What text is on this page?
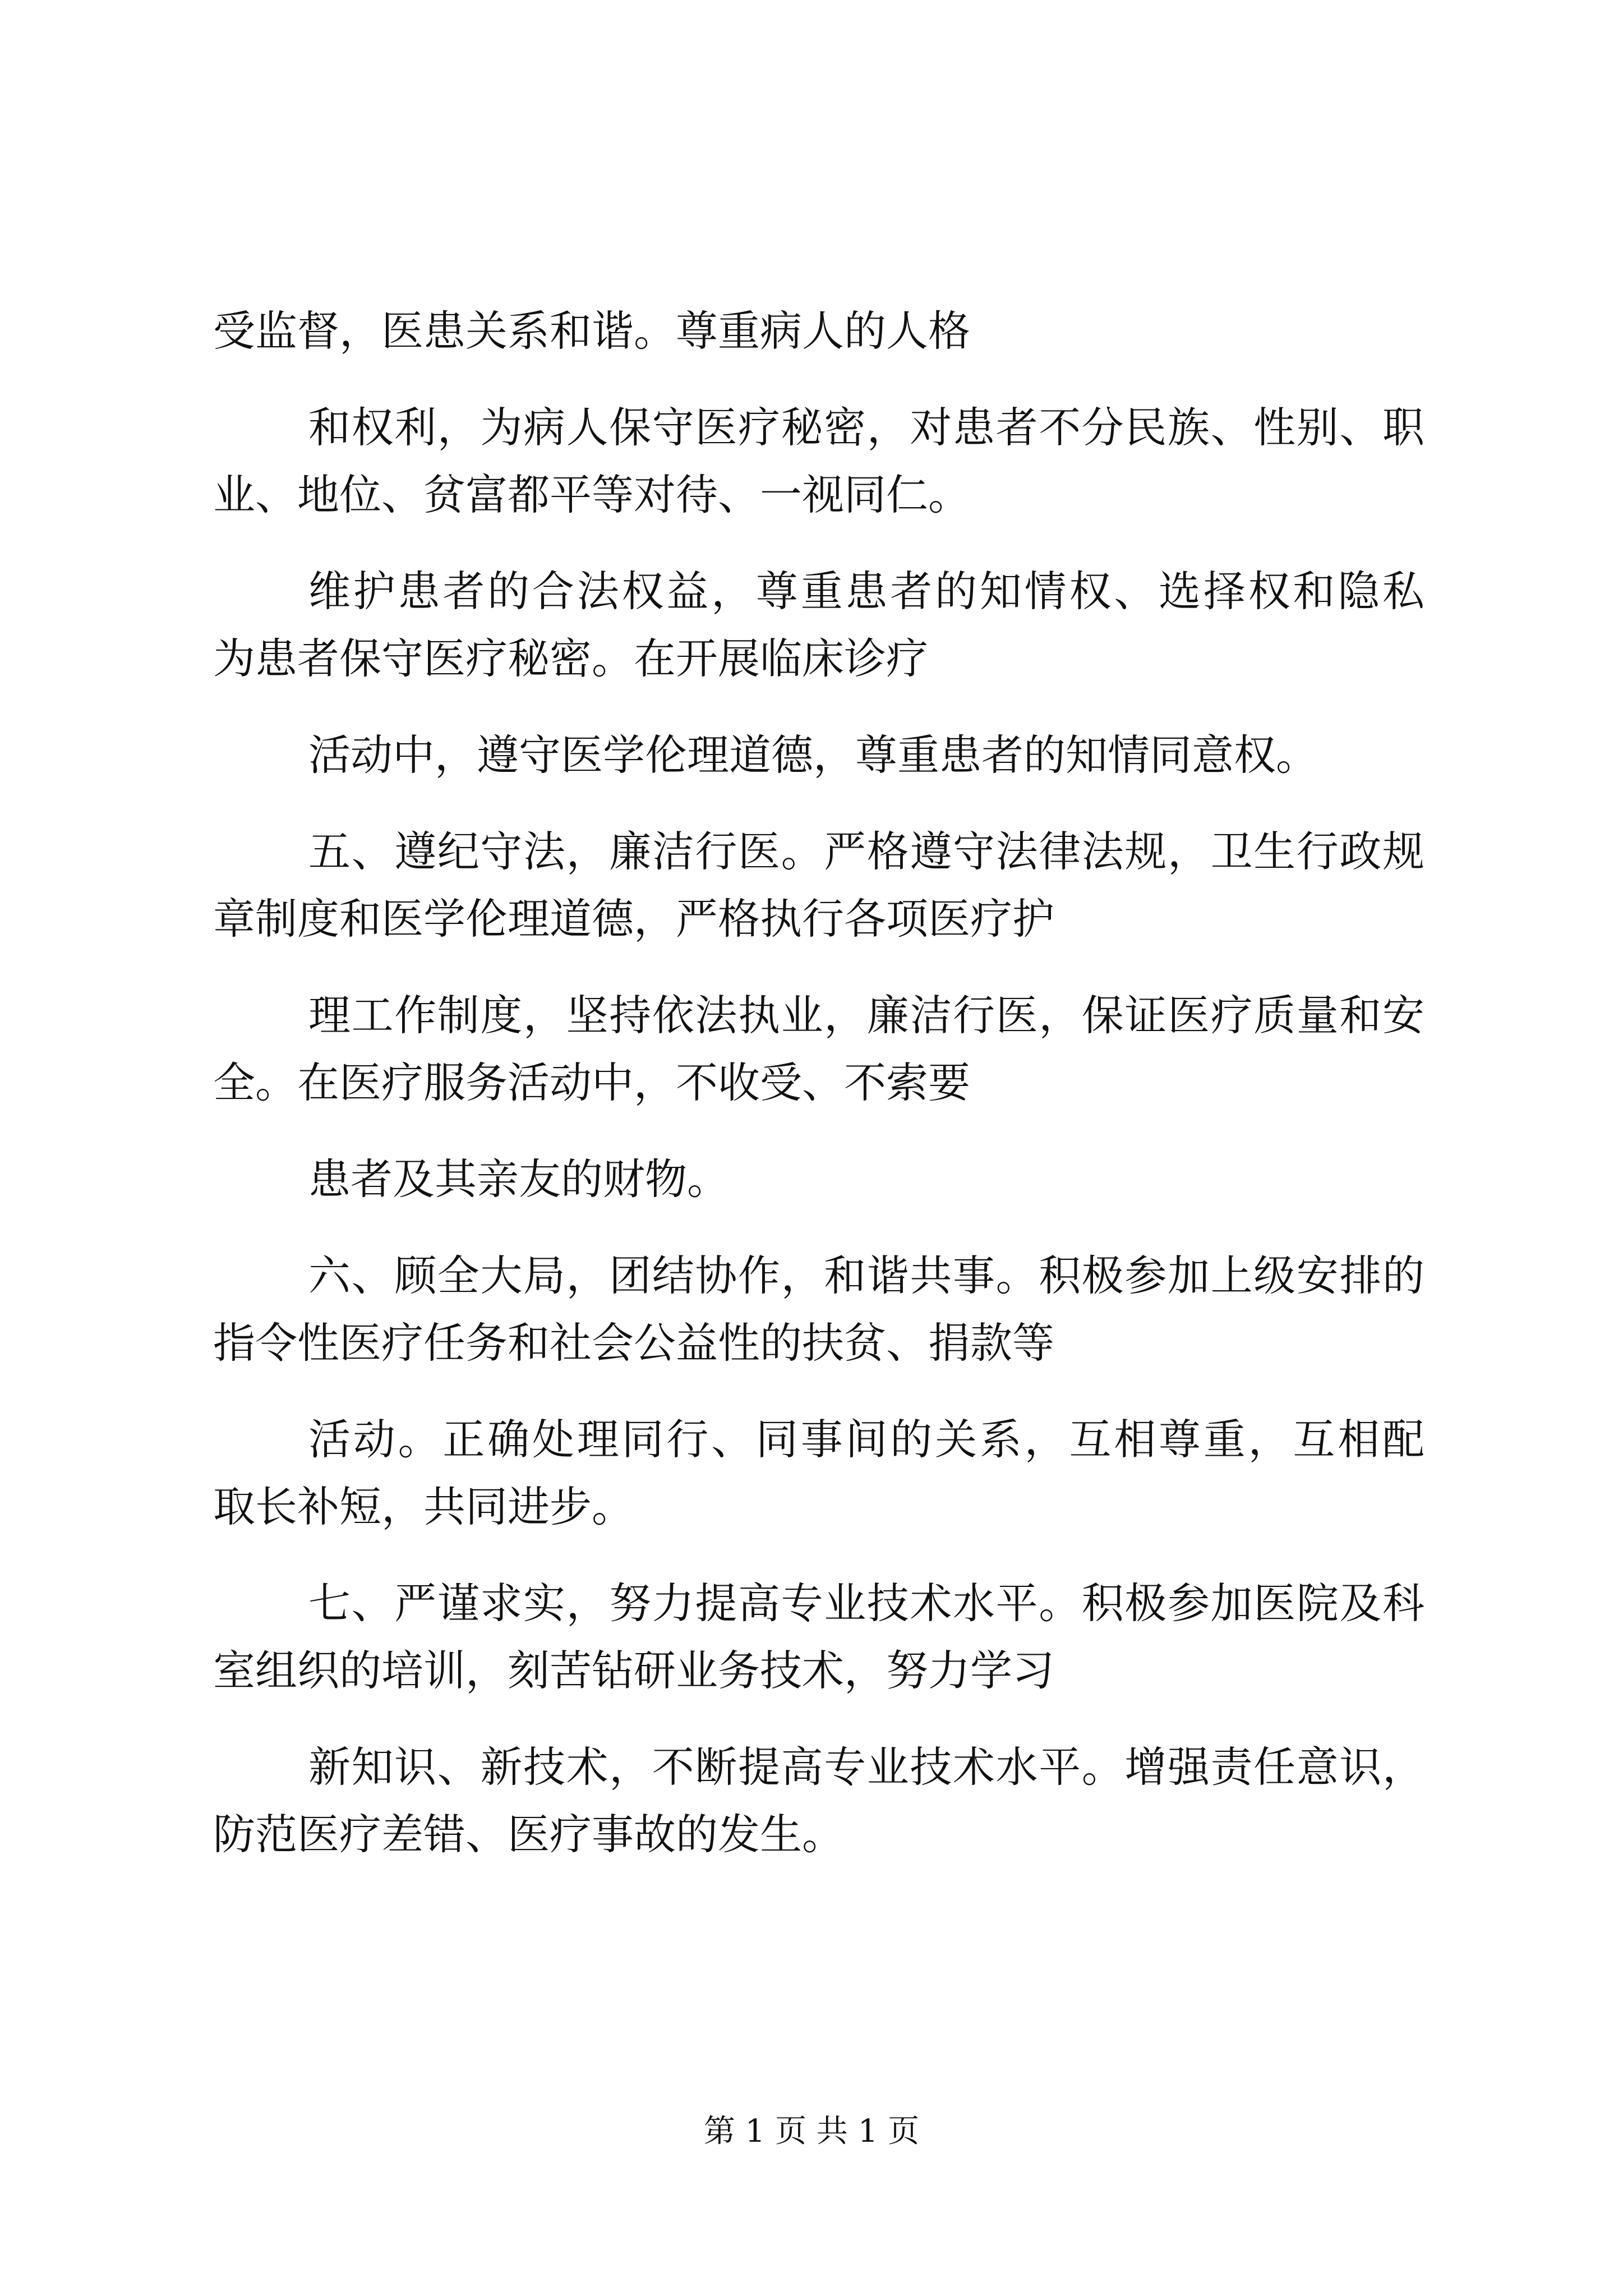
受监督，医患关系和谐。尊重病人的人格

和权利，为病人保守医疗秘密，对患者不分民族、性别、职

业、地位、贫富都平等对待、一视同仁。

维护患者的合法权益，尊重患者的知情权、选择权和隐私

为患者保守医疗秘密。在开展临床诊疗

活动中，遵守医学伦理道德，尊重患者的知情同意权。

五、遵纪守法，廉洁行医。严格遵守法律法规，卫生行政规

章制度和医学伦理道德，严格执行各项医疗护

理工作制度，坚持依法执业，廉洁行医，保证医疗质量和安

全。在医疗服务活动中，不收受、不索要

患者及其亲友的财物。

六、顾全大局，团结协作，和谐共事。积极参加上级安排的

指令性医疗任务和社会公益性的扶贫、捐款等

活动。正确处理同行、同事间的关系，互相尊重，互相配

取长补短，共同进步。

七、严谨求实，努力提高专业技术水平。积极参加医院及科

室组织的培训，刻苦钻研业务技术，努力学习

新知识、新技术，不断提高专业技术水平。增强责任意识，

防范医疗差错、医疗事故的发生。

第 1 页 共 1 页
